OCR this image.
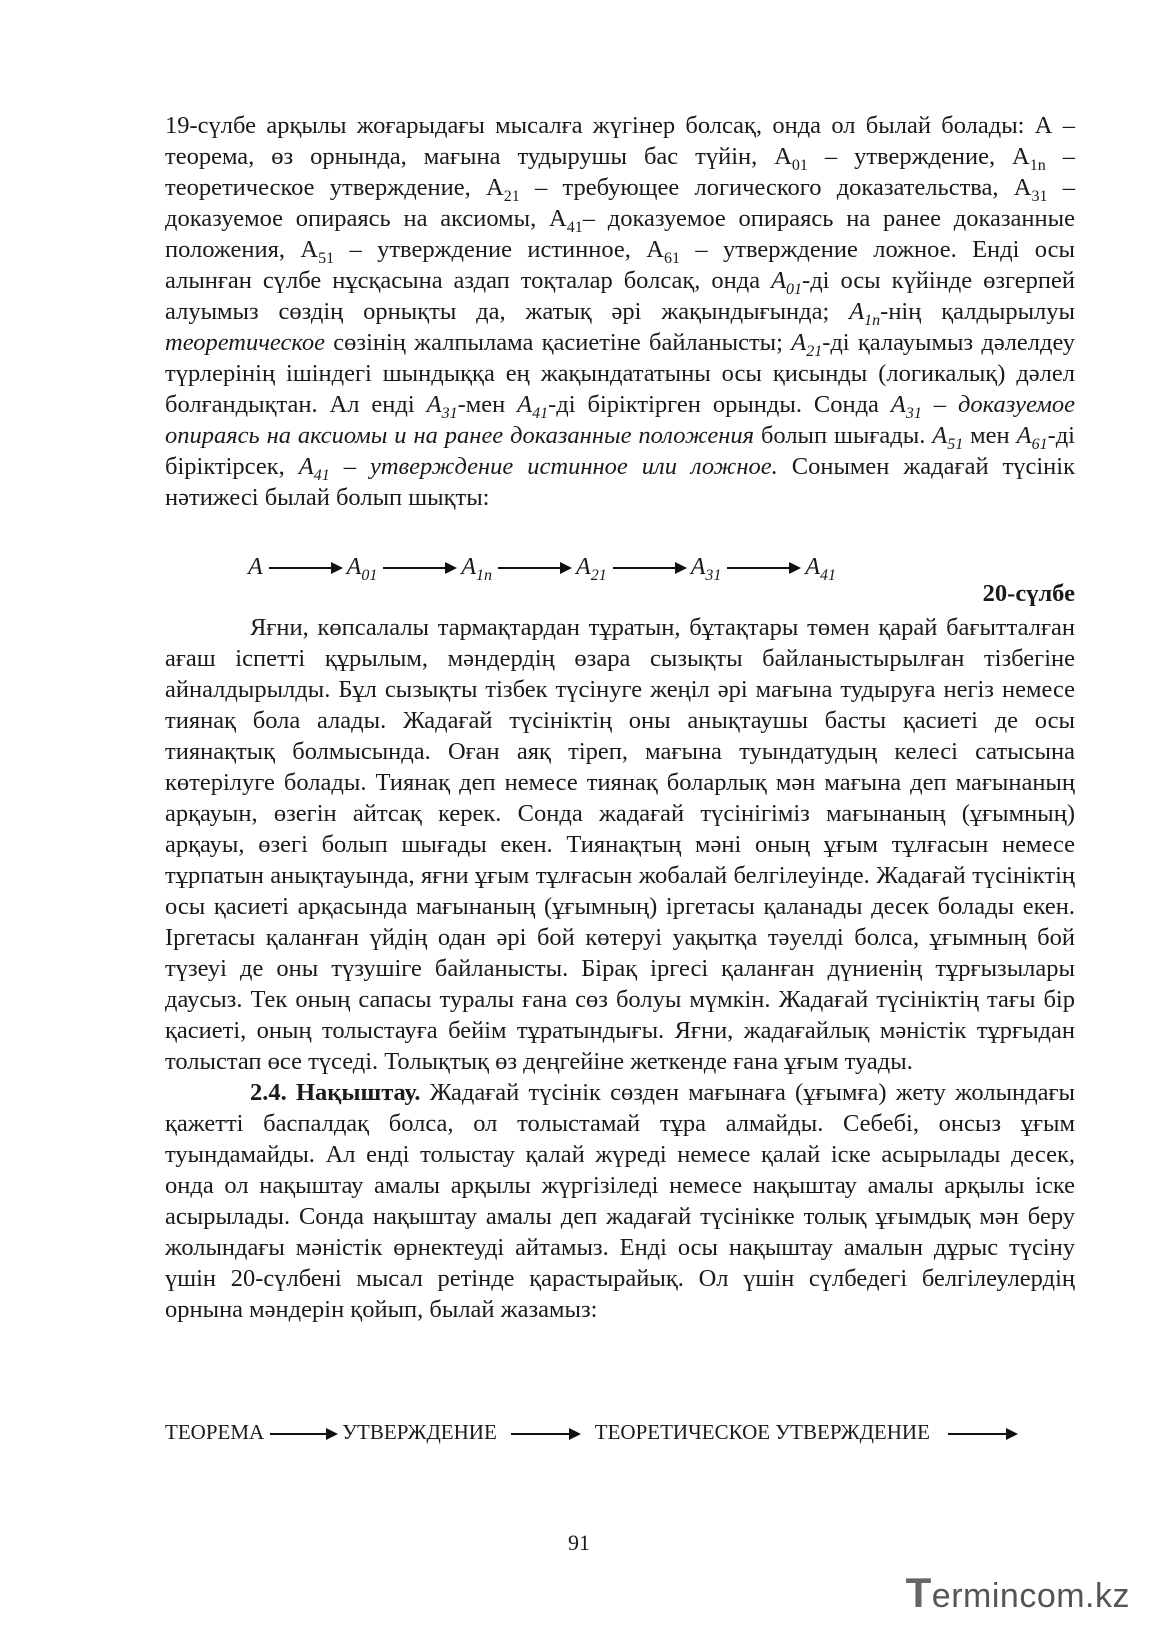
19-сүлбе арқылы жоғарыдағы мысалға жүгінер болсақ, онда ол былай болады: А – теорема, өз орнында, мағына тудырушы бас түйін, $А_{01}$ – утверждение, $А_{1n}$ – теоретическое утверждение, $А_{21}$ – требующее логического доказательства, $А_{31}$ – доказуемое опираясь на аксиомы, $А_{41}-$ доказуемое опираясь на ранее доказанные положения, $А_{51}$ – утверждение истинное, $А_{61}$ – утверждение ложное. Енді осы алынған сүлбе нұсқасына аздап тоқталар болсақ, онда $A_{01}-ді$ осы күйінде өзгерпей алуымыз сөздің орнықты да, жатық әрі жақындығында; $A_{1n}$-нің қалдырылуы теоретическое сөзінің жалпылама қасиетіне байланысты; $A_{21}-ді$ қалауымыз дәлелдеу түрлерінің ішіндегі шындыққа ең жақындататыны осы қисынды (логикалық) дәлел болғандықтан. Ал енді $A_{31}$-мен $A_{41}-ді$ біріктірген орынды. Сонда $A_{31}$ – доказуемое опираясь на аксиомы и на ранее доказанные положения болып шығады. $A_{51}$ мен $A_{61}-ді$ біріктірсек, $A_{41}$ – утверждение истинное или ложное. Сонымен жадағай түсінік нәтижесі былай болып шықты:

A	$A_{01}$	$A_{1n}$	$A_{21}$	$A_{31}$	$A_{41}$
20-сүлбе

Яғни, көпсалалы тармақтардан тұратын, бұтақтары төмен қарай бағытталған ағаш іспетті құрылым, мәндердің өзара сызықты байланыстырылған тізбегіне айналдырылды. Бұл сызықты тізбек түсінуге жеңіл әрі мағына тудыруға негіз немесе тиянақ бола алады. Жадағай түсініктің оны анықтаушы басты қасиеті де осы тиянақтық болмысында. Оған аяқ тіреп, мағына туындатудың келесі сатысына көтерілуге болады. Тиянақ деп немесе тиянақ боларлық мән мағына деп мағынаның арқауын, өзегін айтсақ керек. Сонда жадағай түсінігіміз мағынаның (ұғымның) арқауы, өзегі болып шығады екен. Тиянақтың мәні оның ұғым тұлғасын немесе тұрпатын анықтауында, яғни ұғым тұлғасын жобалай белгілеуінде. Жадағай түсініктің осы қасиеті арқасында мағынаның (ұғымның) іргетасы қаланады десек болады екен. Іргетасы қаланған үйдің одан әрі бой көтеруі уақытқа тәуелді болса, ұғымның бой түзеуі де оны түзушіге байланысты. Бірақ іргесі қаланған дүниенің тұрғызылары даусыз. Тек оның сапасы туралы ғана сөз болуы мүмкін. Жадағай түсініктің тағы бір қасиеті, оның толыстауға бейім тұратындығы. Яғни, жадағайлық мәністік тұрғыдан толыстап өсе түседі. Толықтық өз деңгейіне жеткенде ғана ұғым туады.

2.4. Нақыштау. Жадағай түсінік сөзден мағынаға (ұғымға) жету жолындағы қажетті баспалдақ болса, ол толыстамай тұра алмайды. Себебі, онсыз ұғым туындамайды. Ал енді толыстау қалай жүреді немесе қалай іске асырылады десек, онда ол нақыштау амалы арқылы жүргізіледі немесе нақыштау амалы арқылы іске асырылады. Сонда нақыштау амалы деп жадағай түсінікке толық ұғымдық мән беру жолындағы мәністік өрнектеуді айтамыз. Енді осы нақыштау амалын дұрыс түсіну үшін 20-сүлбені мысал ретінде қарастырайық. Ол үшін сүлбедегі белгілеулердің орнына мәндерін қойып, былай жазамыз:

ТЕОРЕМА	УТВЕРЖДЕНИЕ	ТЕОРЕТИЧЕСКОЕ УТВЕРЖДЕНИЕ
91
Termincom.kz
